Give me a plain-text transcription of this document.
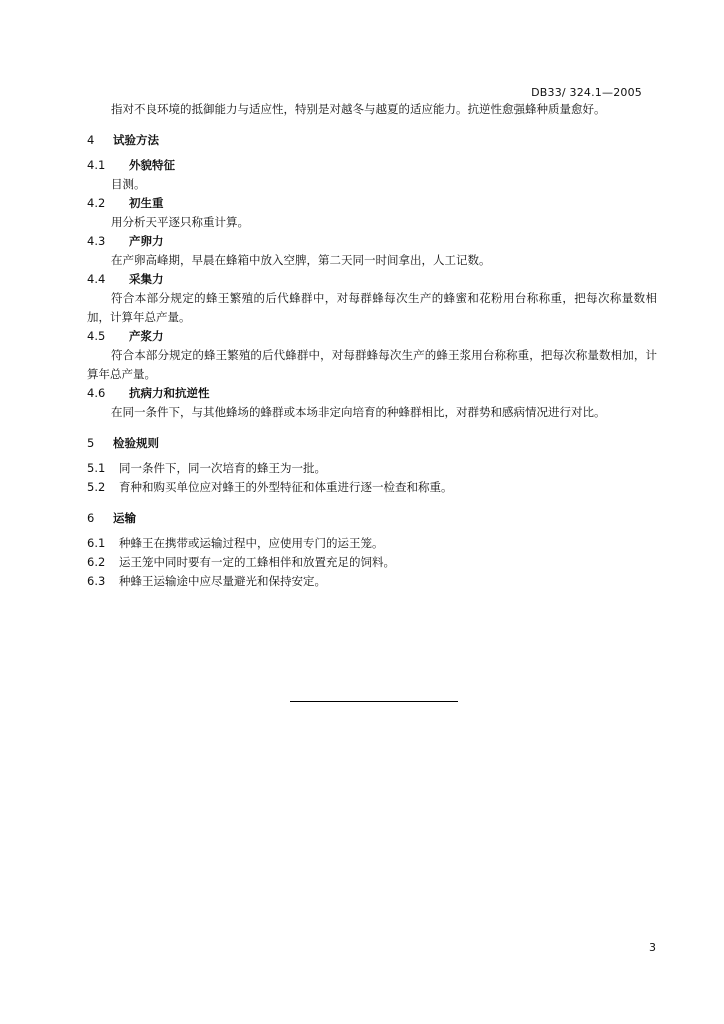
DB33/ 324.1—2005
指对不良环境的抵御能力与适应性，特别是对越冬与越夏的适应能力。抗逆性愈强蜂种质量愈好。
4 试验方法
4.1 外貌特征
目测。
4.2 初生重
用分析天平逐只称重计算。
4.3 产卵力
在产卵高峰期，早晨在蜂箱中放入空脾，第二天同一时间拿出，人工记数。
4.4 采集力
符合本部分规定的蜂王繁殖的后代蜂群中，对每群蜂每次生产的蜂蜜和花粉用台称称重，把每次称量数相加，计算年总产量。
4.5 产浆力
符合本部分规定的蜂王繁殖的后代蜂群中，对每群蜂每次生产的蜂王浆用台称称重，把每次称量数相加，计算年总产量。
4.6 抗病力和抗逆性
在同一条件下，与其他蜂场的蜂群或本场非定向培育的种蜂群相比，对群势和感病情况进行对比。
5 检验规则
5.1 同一条件下，同一次培育的蜂王为一批。
5.2 育种和购买单位应对蜂王的外型特征和体重进行逐一检查和称重。
6 运输
6.1 种蜂王在携带或运输过程中，应使用专门的运王笼。
6.2 运王笼中同时要有一定的工蜂相伴和放置充足的饲料。
6.3 种蜂王运输途中应尽量避光和保持安定。
3
